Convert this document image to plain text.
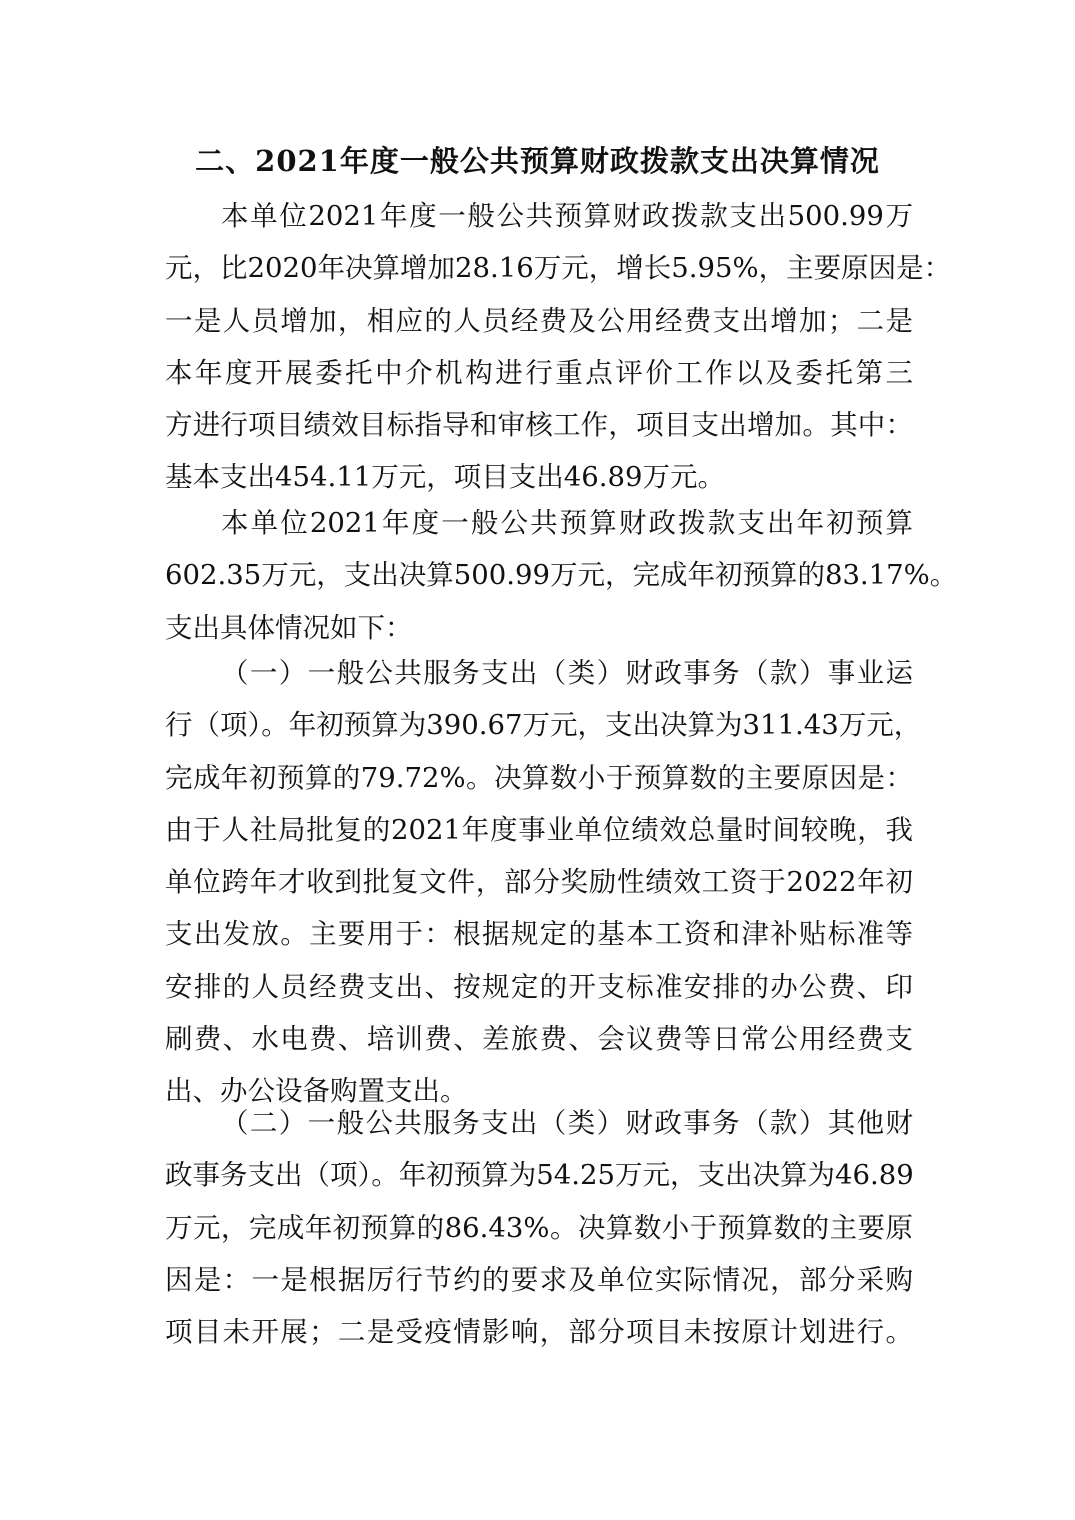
二、2021年度一般公共预算财政拨款支出决算情况
本单位2021年度一般公共预算财政拨款支出500.99万
元，比2020年决算增加28.16万元，增长5.95%，主要原因是：
一是人员增加，相应的人员经费及公用经费支出增加；二是
本年度开展委托中介机构进行重点评价工作以及委托第三
方进行项目绩效目标指导和审核工作，项目支出增加。其中：
基本支出454.11万元，项目支出46.89万元。
本单位2021年度一般公共预算财政拨款支出年初预算
602.35万元，支出决算500.99万元，完成年初预算的83.17%。
支出具体情况如下：
（一）一般公共服务支出（类）财政事务（款）事业运
行（项）。年初预算为390.67万元，支出决算为311.43万元，
完成年初预算的79.72%。决算数小于预算数的主要原因是：
由于人社局批复的2021年度事业单位绩效总量时间较晚，我
单位跨年才收到批复文件，部分奖励性绩效工资于2022年初
支出发放。主要用于：根据规定的基本工资和津补贴标准等
安排的人员经费支出、按规定的开支标准安排的办公费、印
刷费、水电费、培训费、差旅费、会议费等日常公用经费支
出、办公设备购置支出。
（二）一般公共服务支出（类）财政事务（款）其他财
政事务支出（项）。年初预算为54.25万元，支出决算为46.89
万元，完成年初预算的86.43%。决算数小于预算数的主要原
因是：一是根据厉行节约的要求及单位实际情况，部分采购
项目未开展；二是受疫情影响，部分项目未按原计划进行。
